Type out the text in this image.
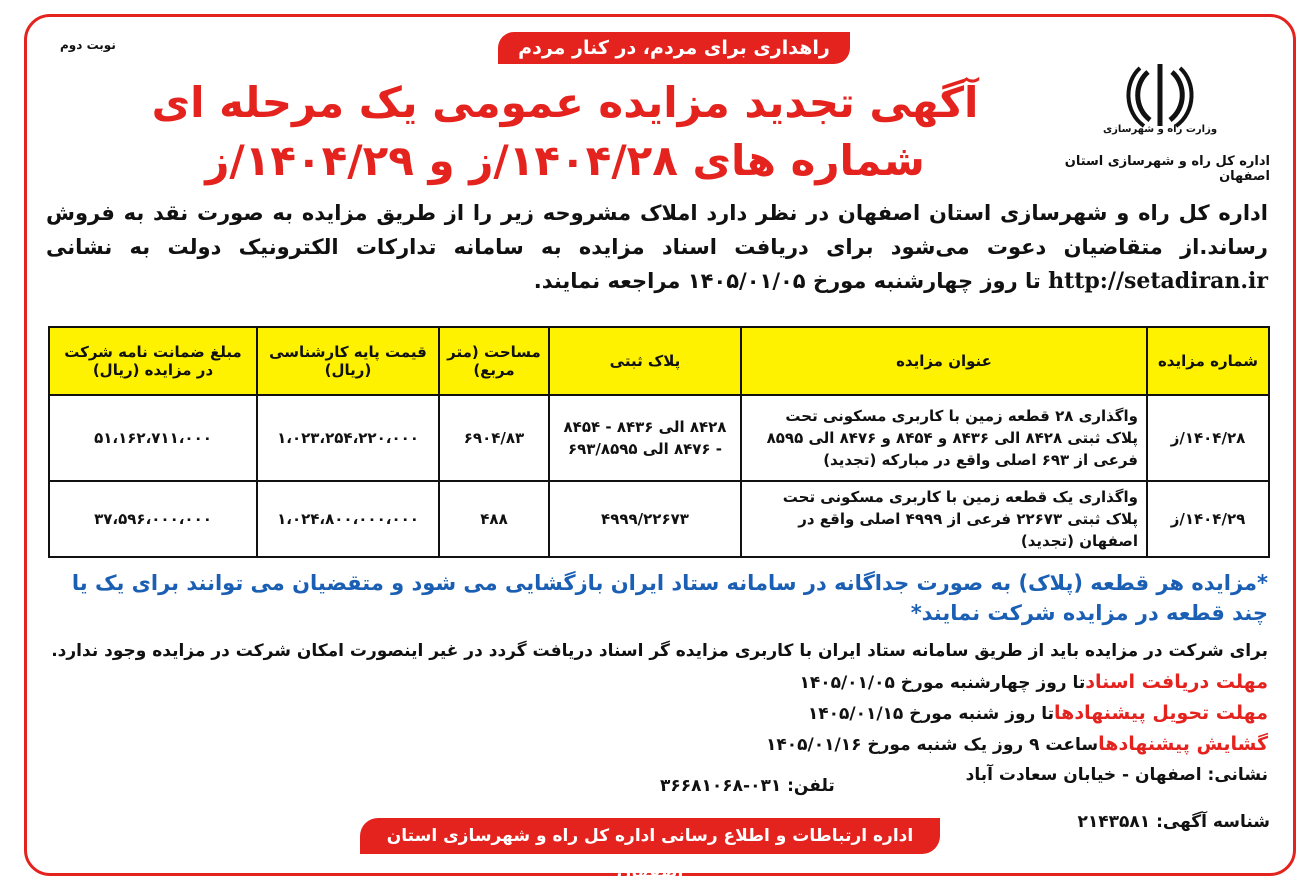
راهداری برای مردم، در کنار مردم
نوبت دوم
وزارت راه و شهرسازی
اداره کل راه و شهرسازی استان اصفهان
آگهی تجدید مزایده عمومی یک مرحله ای شماره های ۱۴۰۴/۲۸/ز و ۱۴۰۴/۲۹/ز
اداره کل راه و شهرسازی استان اصفهان در نظر دارد املاک مشروحه زیر را از طریق مزایده به صورت نقد به فروش رساند.از متقاضیان دعوت می‌شود برای دریافت اسناد مزایده به سامانه تدارکات الکترونیک دولت به نشانی http://setadiran.ir تا روز چهارشنبه مورخ ۱۴۰۵/۰۱/۰۵ مراجعه نمایند.
شماره مزایده	عنوان مزایده	پلاک ثبتی	مساحت (متر مربع)	قیمت پایه کارشناسی (ریال)	مبلغ ضمانت نامه شرکت در مزایده (ریال)
۱۴۰۴/۲۸/ز	واگذاری ۲۸ قطعه زمین با کاربری مسکونی تحت پلاک ثبتی ۸۴۲۸ الی ۸۴۳۶ و ۸۴۵۴ و ۸۴۷۶ الی ۸۵۹۵ فرعی از ۶۹۳ اصلی واقع در مبارکه (تجدید)	۸۴۲۸ الی ۸۴۳۶ - ۸۴۵۴ - ۸۴۷۶ الی ۶۹۳/۸۵۹۵	۶۹۰۴/۸۳	۱،۰۲۳،۲۵۴،۲۲۰،۰۰۰	۵۱،۱۶۲،۷۱۱،۰۰۰
۱۴۰۴/۲۹/ز	واگذاری یک قطعه زمین با کاربری مسکونی تحت پلاک ثبتی ۲۲۶۷۳ فرعی از ۴۹۹۹ اصلی واقع در اصفهان (تجدید)	۴۹۹۹/۲۲۶۷۳	۴۸۸	۱،۰۲۴،۸۰۰،۰۰۰،۰۰۰	۳۷،۵۹۶،۰۰۰،۰۰۰
*مزایده هر قطعه (پلاک) به صورت جداگانه در سامانه ستاد ایران بازگشایی می شود و متقضیان می توانند برای یک یا چند قطعه در مزایده شرکت نمایند*
برای شرکت در مزایده باید از طریق سامانه ستاد ایران با کاربری مزایده گر اسناد دریافت گردد در غیر اینصورت امکان شرکت در مزایده وجود ندارد.
مهلت دریافت اسنادتا روز چهارشنبه مورخ ۱۴۰۵/۰۱/۰۵
مهلت تحویل پیشنهادهاتا روز شنبه مورخ ۱۴۰۵/۰۱/۱۵
گشایش پیشنهادهاساعت ۹ روز یک شنبه مورخ ۱۴۰۵/۰۱/۱۶
نشانی: اصفهان - خیابان سعادت آباد
تلفن: ۰۳۱-۳۶۶۸۱۰۶۸
شناسه آگهی: ۲۱۴۳۵۸۱
اداره ارتباطات و اطلاع رسانی اداره کل راه و شهرسازی استان اصفهان
